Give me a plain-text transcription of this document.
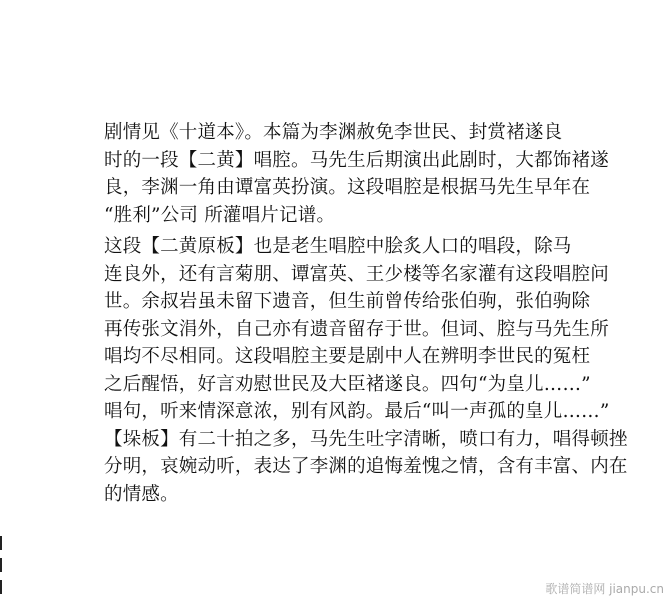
剧情见《十道本》。本篇为李渊赦免李世民、封赏褚遂良
时的一段【二黄】唱腔。马先生后期演出此剧时，大都饰褚遂
良，李渊一角由谭富英扮演。这段唱腔是根据马先生早年在
“胜利”公司 所灌唱片记谱。
这段【二黄原板】也是老生唱腔中脍炙人口的唱段，除马
连良外，还有言菊朋、谭富英、王少楼等名家灌有这段唱腔问
世。余叔岩虽未留下遗音，但生前曾传给张伯驹，张伯驹除
再传张文涓外，自己亦有遗音留存于世。但词、腔与马先生所
唱均不尽相同。这段唱腔主要是剧中人在辨明李世民的冤枉
之后醒悟，好言劝慰世民及大臣褚遂良。四句“为皇儿……”
唱句，听来情深意浓，别有风韵。最后“叫一声孤的皇儿……”
【垛板】有二十拍之多，马先生吐字清晰，喷口有力，唱得顿挫
分明，哀婉动听，表达了李渊的追悔羞愧之情，含有丰富、内在
的情感。
歌谱简谱网 jianpu.cn
